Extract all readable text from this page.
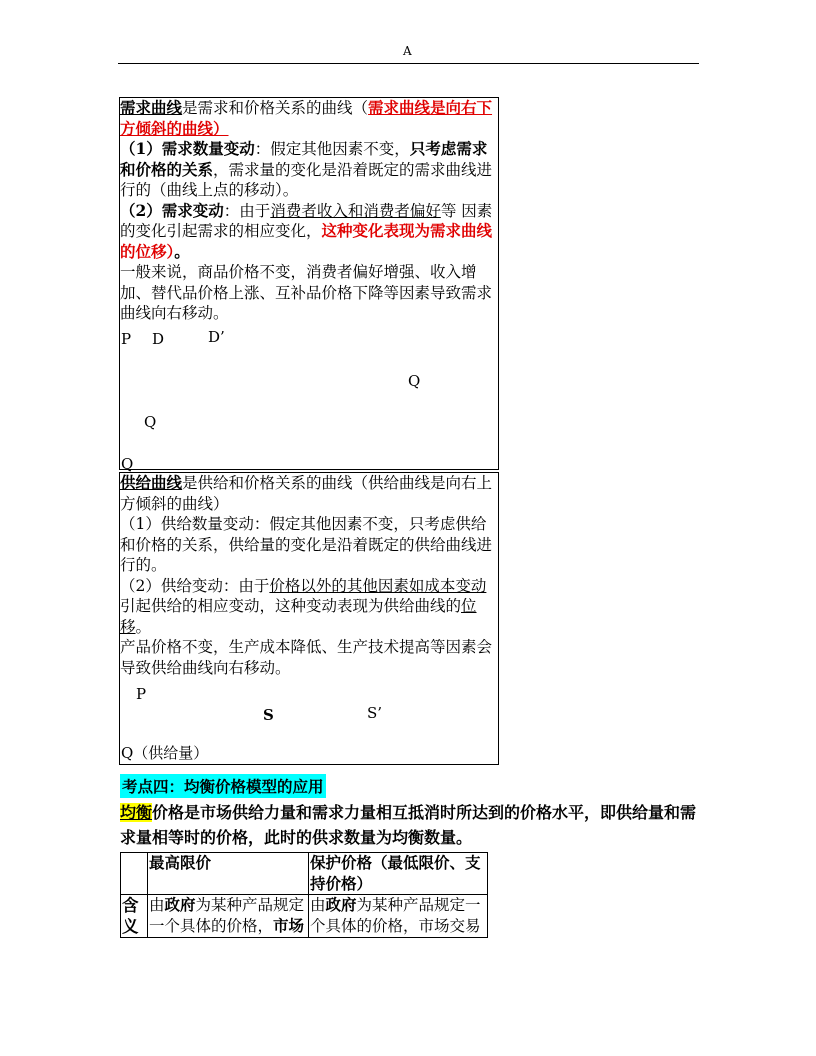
A

需求曲线是需求和价格关系的曲线（需求曲线是向右下方倾斜的曲线）

（1）需求数量变动：假定其他因素不变，只考虑需求和价格的关系，需求量的变化是沿着既定的需求曲线进行的（曲线上点的移动）。

（2）需求变动：由于消费者收入和消费者偏好等 因素的变化引起需求的相应变化，这种变化表现为需求曲线的位移）。

一般来说，商品价格不变，消费者偏好增强、收入增加、替代品价格上涨、互补品价格下降等因素导致需求曲线向右移动。

P D	D’
Q
Q
Q

供给曲线是供给和价格关系的曲线（供给曲线是向右上方倾斜的曲线）

（1）供给数量变动：假定其他因素不变，只考虑供给和价格的关系，供给量的变化是沿着既定的供给曲线进行的。

（2）供给变动：由于价格以外的其他因素如成本变动引起供给的相应变动，这种变动表现为供给曲线的位移。

产品价格不变，生产成本降低、生产技术提高等因素会导致供给曲线向右移动。

P
S	S’
Q（供给量）
考点四：均衡价格模型的应用
均衡价格是市场供给力量和需求力量相互抵消时所达到的价格水平，即供给量和需求量相等时的价格，此时的供求数量为均衡数量。
	最高限价	保护价格（最低限价、支持价格）
含义	由政府为某种产品规定一个具体的价格，市场	由政府为某种产品规定一个具体的价格，市场交易
